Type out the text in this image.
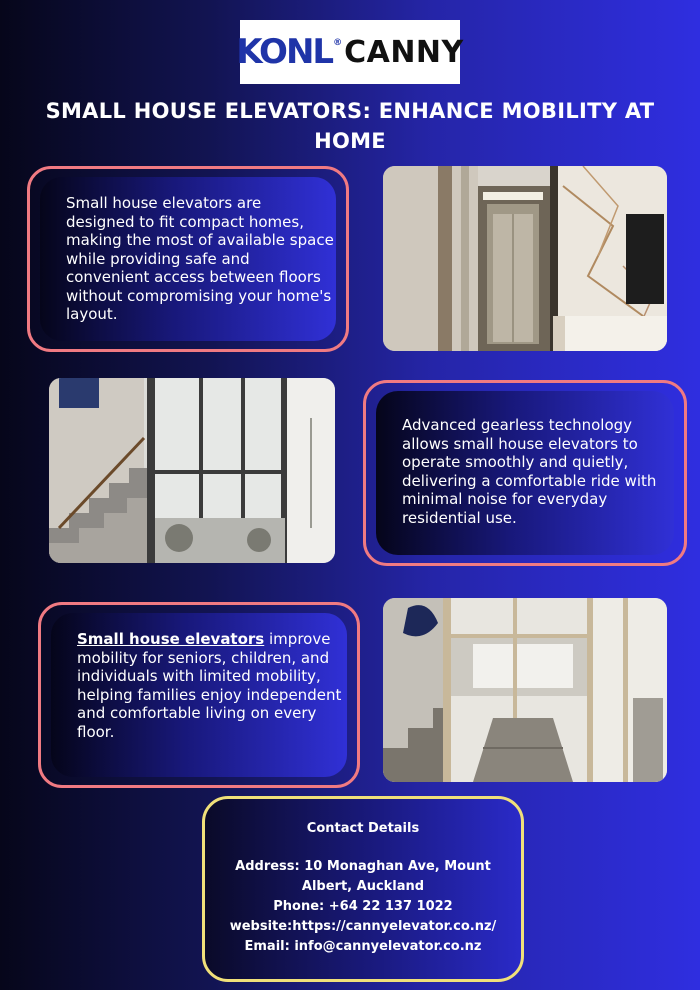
KONL ® CANNY
SMALL HOUSE ELEVATORS: ENHANCE MOBILITY AT HOME
Small house elevators are designed to fit compact homes, making the most of available space while providing safe and convenient access between floors without compromising your home's layout.
Advanced gearless technology allows small house elevators to operate smoothly and quietly, delivering a comfortable ride with minimal noise for everyday residential use.
Small house elevators improve mobility for seniors, children, and individuals with limited mobility, helping families enjoy independent and comfortable living on every floor.
Contact Details
Address: 10 Monaghan Ave, Mount Albert, Auckland
Phone: +64 22 137 1022
website:https://cannyelevator.co.nz/
Email: info@cannyelevator.co.nz
